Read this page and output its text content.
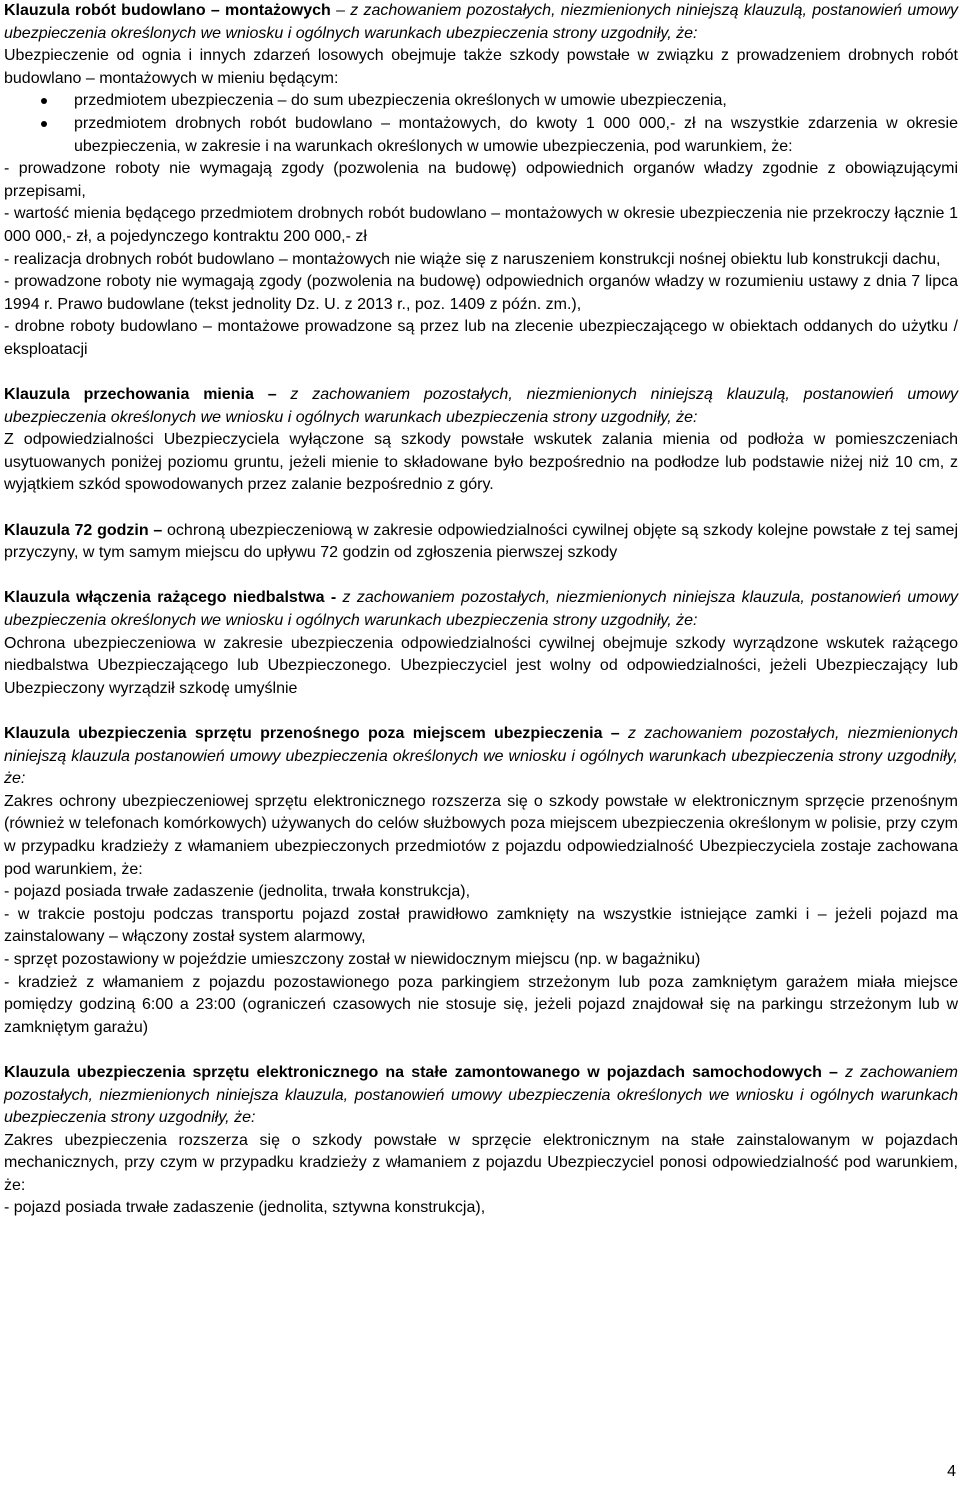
Klauzula robót budowlano – montażowych – z zachowaniem pozostałych, niezmienionych niniejszą klauzulą, postanowień umowy ubezpieczenia określonych we wniosku i ogólnych warunkach ubezpieczenia strony uzgodniły, że:

Ubezpieczenie od ognia i innych zdarzeń losowych obejmuje także szkody powstałe w związku z prowadzeniem drobnych robót budowlano – montażowych w mieniu będącym:

przedmiotem ubezpieczenia – do sum ubezpieczenia określonych w umowie ubezpieczenia,

przedmiotem drobnych robót budowlano – montażowych, do kwoty 1 000 000,- zł na wszystkie zdarzenia w okresie ubezpieczenia, w zakresie i na warunkach określonych w umowie ubezpieczenia, pod warunkiem, że:

- prowadzone roboty nie wymagają zgody (pozwolenia na budowę) odpowiednich organów władzy zgodnie z obowiązującymi przepisami,

- wartość mienia będącego przedmiotem drobnych robót budowlano – montażowych w okresie ubezpieczenia nie przekroczy łącznie 1 000 000,- zł, a pojedynczego kontraktu 200 000,- zł

- realizacja drobnych robót budowlano – montażowych nie wiąże się z naruszeniem konstrukcji nośnej obiektu lub konstrukcji dachu,

- prowadzone roboty nie wymagają zgody (pozwolenia na budowę) odpowiednich organów władzy w rozumieniu ustawy z dnia 7 lipca 1994 r. Prawo budowlane (tekst jednolity Dz. U. z 2013 r., poz. 1409 z późn. zm.),

- drobne roboty budowlano – montażowe prowadzone są przez lub na zlecenie ubezpieczającego w obiektach oddanych do użytku / eksploatacji

Klauzula przechowania mienia – z zachowaniem pozostałych, niezmienionych niniejszą klauzulą, postanowień umowy ubezpieczenia określonych we wniosku i ogólnych warunkach ubezpieczenia strony uzgodniły, że:

Z odpowiedzialności Ubezpieczyciela wyłączone są szkody powstałe wskutek zalania mienia od podłoża w pomieszczeniach usytuowanych poniżej poziomu gruntu, jeżeli mienie to składowane było bezpośrednio na podłodze lub podstawie niżej niż 10 cm, z wyjątkiem szkód spowodowanych przez zalanie bezpośrednio z góry.

Klauzula 72 godzin – ochroną ubezpieczeniową w zakresie odpowiedzialności cywilnej objęte są szkody kolejne powstałe z tej samej przyczyny, w tym samym miejscu do upływu 72 godzin od zgłoszenia pierwszej szkody

Klauzula włączenia rażącego niedbalstwa - z zachowaniem pozostałych, niezmienionych niniejsza klauzula, postanowień umowy ubezpieczenia określonych we wniosku i ogólnych warunkach ubezpieczenia strony uzgodniły, że:

Ochrona ubezpieczeniowa w zakresie ubezpieczenia odpowiedzialności cywilnej obejmuje szkody wyrządzone wskutek rażącego niedbalstwa Ubezpieczającego lub Ubezpieczonego. Ubezpieczyciel jest wolny od odpowiedzialności, jeżeli Ubezpieczający lub Ubezpieczony wyrządził szkodę umyślnie

Klauzula ubezpieczenia sprzętu przenośnego poza miejscem ubezpieczenia – z zachowaniem pozostałych, niezmienionych niniejszą klauzula postanowień umowy ubezpieczenia określonych we wniosku i ogólnych warunkach ubezpieczenia strony uzgodniły, że:

Zakres ochrony ubezpieczeniowej sprzętu elektronicznego rozszerza się o szkody powstałe w elektronicznym sprzęcie przenośnym (również w telefonach komórkowych) używanych do celów służbowych poza miejscem ubezpieczenia określonym w polisie, przy czym w przypadku kradzieży z włamaniem ubezpieczonych przedmiotów z pojazdu odpowiedzialność Ubezpieczyciela zostaje zachowana pod warunkiem, że:

- pojazd posiada trwałe zadaszenie (jednolita, trwała konstrukcja),

- w trakcie postoju podczas transportu pojazd został prawidłowo zamknięty na wszystkie istniejące zamki i – jeżeli pojazd ma zainstalowany – włączony został system alarmowy,

- sprzęt pozostawiony w pojeździe umieszczony został w niewidocznym miejscu (np. w bagażniku)

- kradzież z włamaniem z pojazdu pozostawionego poza parkingiem strzeżonym lub poza zamkniętym garażem miała miejsce pomiędzy godziną 6:00 a 23:00 (ograniczeń czasowych nie stosuje się, jeżeli pojazd znajdował się na parkingu strzeżonym lub w zamkniętym garażu)

Klauzula ubezpieczenia sprzętu elektronicznego na stałe zamontowanego w pojazdach samochodowych – z zachowaniem pozostałych, niezmienionych niniejsza klauzula, postanowień umowy ubezpieczenia określonych we wniosku i ogólnych warunkach ubezpieczenia strony uzgodniły, że:

Zakres ubezpieczenia rozszerza się o szkody powstałe w sprzęcie elektronicznym na stałe zainstalowanym w pojazdach mechanicznych, przy czym w przypadku kradzieży z włamaniem z pojazdu Ubezpieczyciel ponosi odpowiedzialność pod warunkiem, że:

- pojazd posiada trwałe zadaszenie (jednolita, sztywna konstrukcja),

4
